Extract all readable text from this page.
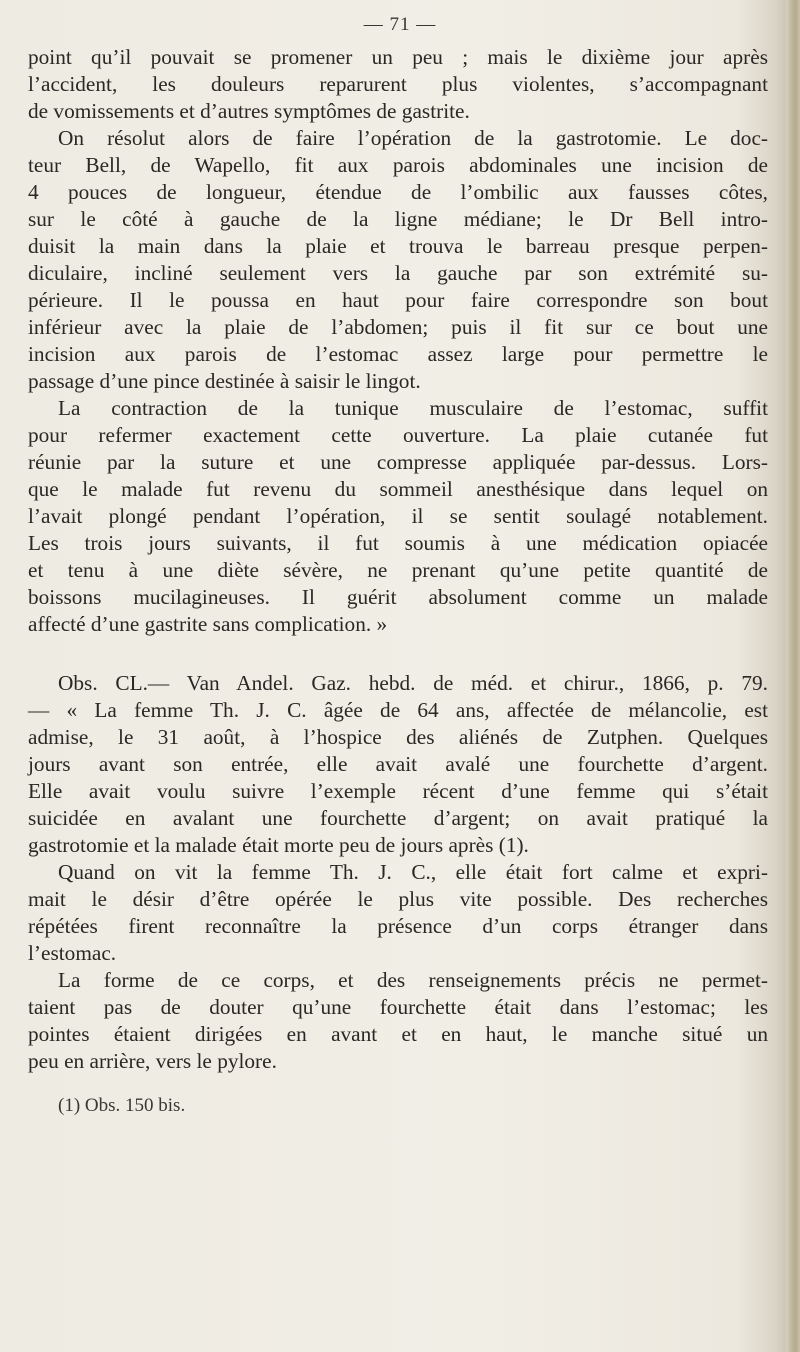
— 71 —
point qu’il pouvait se promener un peu ; mais le dixième jour après
l’accident, les douleurs reparurent plus violentes, s’accompagnant
de vomissements et d’autres symptômes de gastrite.
On résolut alors de faire l’opération de la gastrotomie. Le doc-
teur Bell, de Wapello, fit aux parois abdominales une incision de
4 pouces de longueur, étendue de l’ombilic aux fausses côtes,
sur le côté à gauche de la ligne médiane; le Dr Bell intro-
duisit la main dans la plaie et trouva le barreau presque perpen-
diculaire, incliné seulement vers la gauche par son extrémité su-
périeure. Il le poussa en haut pour faire correspondre son bout
inférieur avec la plaie de l’abdomen; puis il fit sur ce bout une
incision aux parois de l’estomac assez large pour permettre le
passage d’une pince destinée à saisir le lingot.
La contraction de la tunique musculaire de l’estomac, suffit
pour refermer exactement cette ouverture. La plaie cutanée fut
réunie par la suture et une compresse appliquée par-dessus. Lors-
que le malade fut revenu du sommeil anesthésique dans lequel on
l’avait plongé pendant l’opération, il se sentit soulagé notablement.
Les trois jours suivants, il fut soumis à une médication opiacée
et tenu à une diète sévère, ne prenant qu’une petite quantité de
boissons mucilagineuses. Il guérit absolument comme un malade
affecté d’une gastrite sans complication. »
Obs. CL.— Van Andel. Gaz. hebd. de méd. et chirur., 1866, p. 79.
— « La femme Th. J. C. âgée de 64 ans, affectée de mélancolie, est
admise, le 31 août, à l’hospice des aliénés de Zutphen. Quelques
jours avant son entrée, elle avait avalé une fourchette d’argent.
Elle avait voulu suivre l’exemple récent d’une femme qui s’était
suicidée en avalant une fourchette d’argent; on avait pratiqué la
gastrotomie et la malade était morte peu de jours après (1).
Quand on vit la femme Th. J. C., elle était fort calme et expri-
mait le désir d’être opérée le plus vite possible. Des recherches
répétées firent reconnaître la présence d’un corps étranger dans
l’estomac.
La forme de ce corps, et des renseignements précis ne permet-
taient pas de douter qu’une fourchette était dans l’estomac; les
pointes étaient dirigées en avant et en haut, le manche situé un
peu en arrière, vers le pylore.
(1) Obs. 150 bis.
